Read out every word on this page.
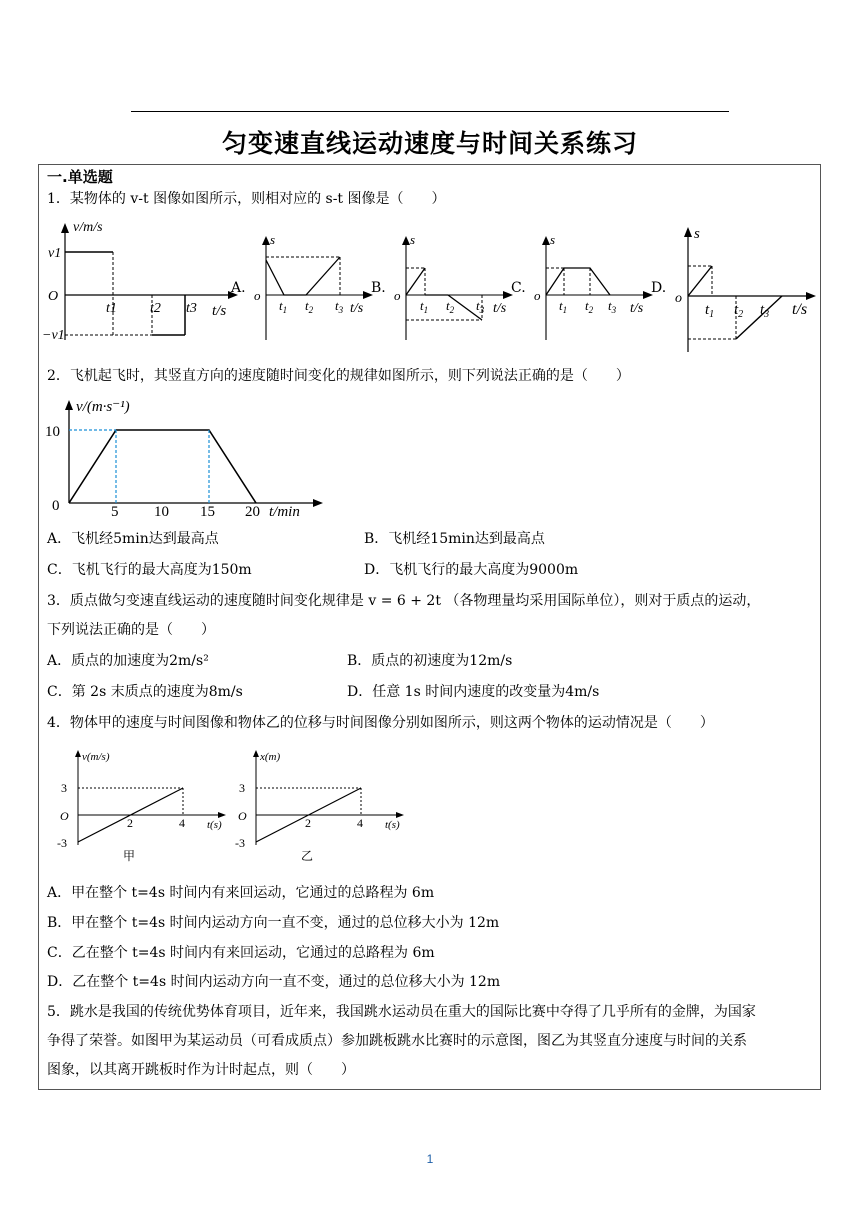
匀变速直线运动速度与时间关系练习
一.单选题
1．某物体的 v-t 图像如图所示，则相对应的 s-t 图像是（　　）
v/m/s
v1
O
−v1
t1 t2 t3 t/s
A.
s
o
$t_1$ $t_2$ $t_3$ t/s
B.
s
o
$t_1$ $t_2$ $t_3$ t/s
C.
s
o
$t_1$ $t_2$ $t_3$ t/s
D.
s
o
$t_1$ $t_2$ $t_3$ t/s
2．飞机起飞时，其竖直方向的速度随时间变化的规律如图所示，则下列说法正确的是（　　）
v/(m·s⁻¹)
10
0	5 10 15 20 t/min
A．飞机经5min达到最高点	B．飞机经15min达到最高点
C．飞机飞行的最大高度为150m	D．飞机飞行的最大高度为9000m
3．质点做匀变速直线运动的速度随时间变化规律是 v = 6 + 2t （各物理量均采用国际单位），则对于质点的运动，
下列说法正确的是（　　）
A．质点的加速度为2m/s²	B．质点的初速度为12m/s
C．第 2s 末质点的速度为8m/s	D．任意 1s 时间内速度的改变量为4m/s
4．物体甲的速度与时间图像和物体乙的位移与时间图像分别如图所示，则这两个物体的运动情况是（　　）
v(m/s)
3
O
-3
2	4 t(s)
甲
x(m)
3
O
-3
2	4 t(s)
乙
A．甲在整个 t=4s 时间内有来回运动，它通过的总路程为 6m
B．甲在整个 t=4s 时间内运动方向一直不变，通过的总位移大小为 12m
C．乙在整个 t=4s 时间内有来回运动，它通过的总路程为 6m
D．乙在整个 t=4s 时间内运动方向一直不变，通过的总位移大小为 12m
5．跳水是我国的传统优势体育项目，近年来，我国跳水运动员在重大的国际比赛中夺得了几乎所有的金牌，为国家
争得了荣誉。如图甲为某运动员（可看成质点）参加跳板跳水比赛时的示意图，图乙为其竖直分速度与时间的关系
图象，以其离开跳板时作为计时起点，则（　　）
1
